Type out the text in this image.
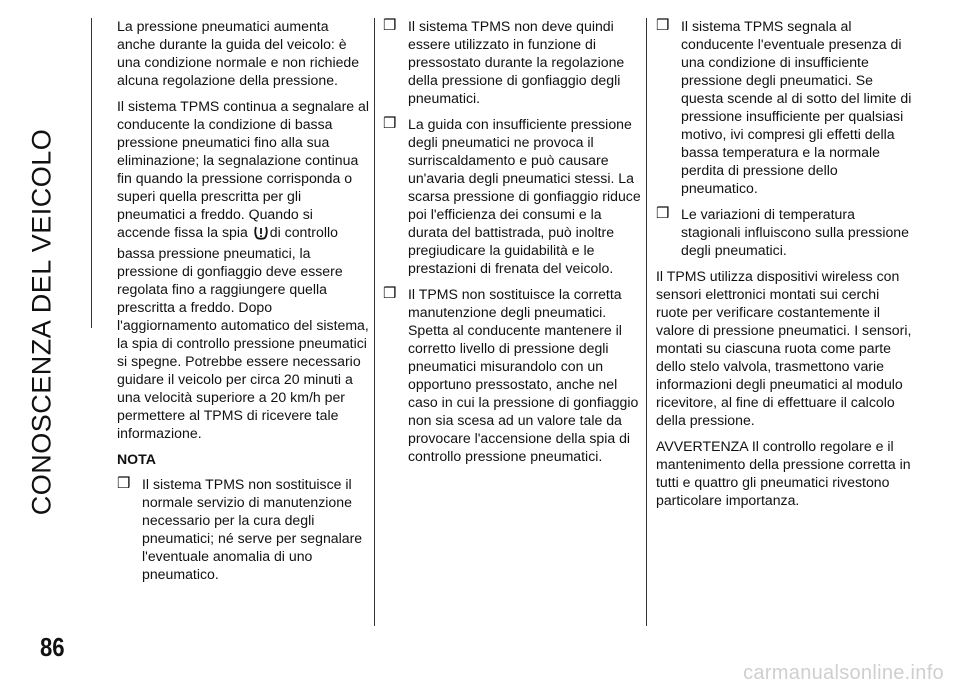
CONOSCENZA DEL VEICOLO

La pressione pneumatici aumenta anche durante la guida del veicolo: è una condizione normale e non richiede alcuna regolazione della pressione.

Il sistema TPMS continua a segnalare al conducente la condizione di bassa pressione pneumatici fino alla sua eliminazione; la segnalazione continua fin quando la pressione corrisponda o superi quella prescritta per gli pneumatici a freddo. Quando si accende fissa la spia di controllo bassa pressione pneumatici, la pressione di gonfiaggio deve essere regolata fino a raggiungere quella prescritta a freddo. Dopo l'aggiornamento automatico del sistema, la spia di controllo pressione pneumatici si spegne. Potrebbe essere necessario guidare il veicolo per circa 20 minuti a una velocità superiore a 20 km/h per permettere al TPMS di ricevere tale informazione.

NOTA
❒ Il sistema TPMS non sostituisce il normale servizio di manutenzione necessario per la cura degli pneumatici; né serve per segnalare l'eventuale anomalia di uno pneumatico.
❒ Il sistema TPMS non deve quindi essere utilizzato in funzione di pressostato durante la regolazione della pressione di gonfiaggio degli pneumatici.
❒ La guida con insufficiente pressione degli pneumatici ne provoca il surriscaldamento e può causare un'avaria degli pneumatici stessi. La scarsa pressione di gonfiaggio riduce poi l'efficienza dei consumi e la durata del battistrada, può inoltre pregiudicare la guidabilità e le prestazioni di frenata del veicolo.
❒ Il TPMS non sostituisce la corretta manutenzione degli pneumatici. Spetta al conducente mantenere il corretto livello di pressione degli pneumatici misurandolo con un opportuno pressostato, anche nel caso in cui la pressione di gonfiaggio non sia scesa ad un valore tale da provocare l'accensione della spia di controllo pressione pneumatici.
❒ Il sistema TPMS segnala al conducente l'eventuale presenza di una condizione di insufficiente pressione degli pneumatici. Se questa scende al di sotto del limite di pressione insufficiente per qualsiasi motivo, ivi compresi gli effetti della bassa temperatura e la normale perdita di pressione dello pneumatico.
❒ Le variazioni di temperatura stagionali influiscono sulla pressione degli pneumatici.

Il TPMS utilizza dispositivi wireless con sensori elettronici montati sui cerchi ruote per verificare costantemente il valore di pressione pneumatici. I sensori, montati su ciascuna ruota come parte dello stelo valvola, trasmettono varie informazioni degli pneumatici al modulo ricevitore, al fine di effettuare il calcolo della pressione.

AVVERTENZA Il controllo regolare e il mantenimento della pressione corretta in tutti e quattro gli pneumatici rivestono particolare importanza.

86
carmanualsonline.info
